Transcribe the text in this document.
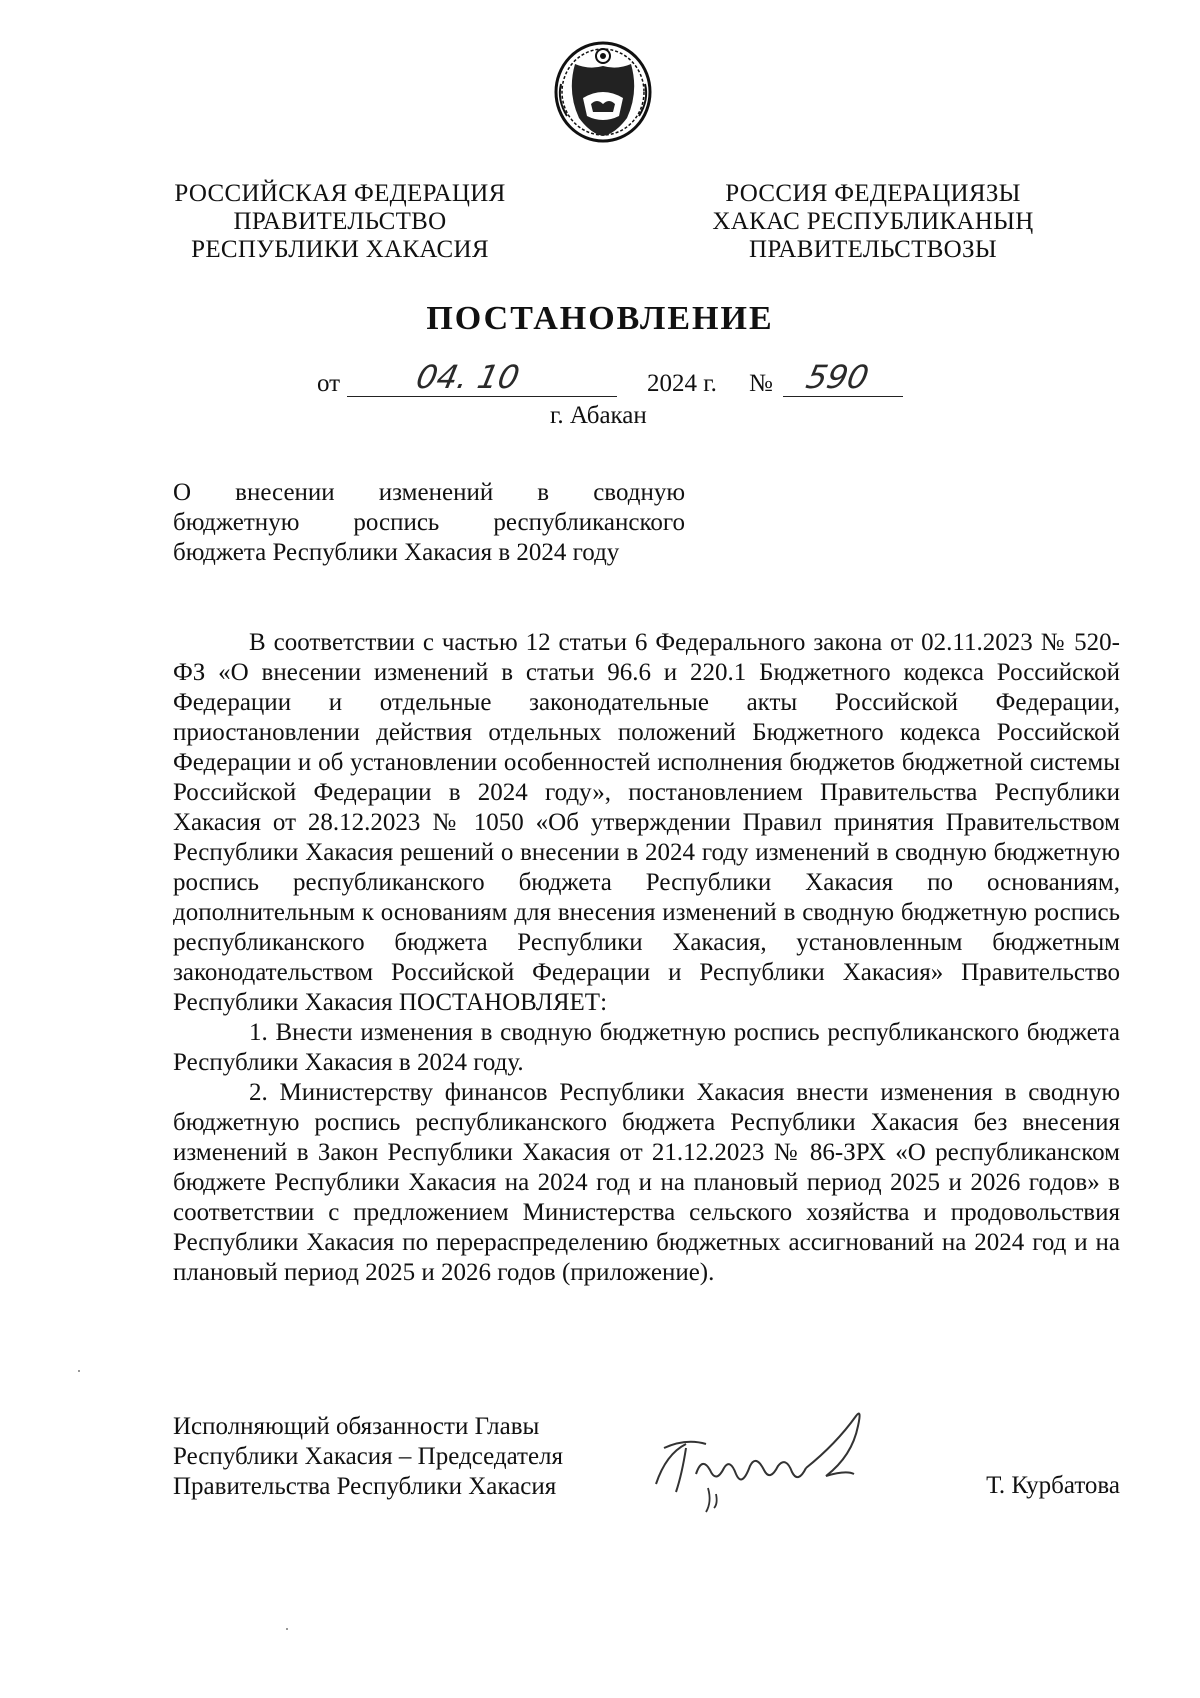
РОССИЙСКАЯ ФЕДЕРАЦИЯ
ПРАВИТЕЛЬСТВО
РЕСПУБЛИКИ ХАКАСИЯ
РОССИЯ ФЕДЕРАЦИЯЗЫ
ХАКАС РЕСПУБЛИКАНЫҢ
ПРАВИТЕЛЬСТВОЗЫ
ПОСТАНОВЛЕНИЕ
от 04. 10	2024 г. № 590
г. Абакан

О внесении изменений в сводную

бюджетную роспись республиканского

бюджета Республики Хакасия в 2024 году

В соответствии с частью 12 статьи 6 Федерального закона от 02.11.2023 № 520-ФЗ «О внесении изменений в статьи 96.6 и 220.1 Бюджетного кодекса Российской Федерации и отдельные законодательные акты Российской Федерации, приостановлении действия отдельных положений Бюджетного кодекса Российской Федерации и об установлении особенностей исполнения бюджетов бюджетной системы Российской Федерации в 2024 году», постановлением Правительства Республики Хакасия от 28.12.2023 № 1050 «Об утверждении Правил принятия Правительством Республики Хакасия решений о внесении в 2024 году изменений в сводную бюджетную роспись республиканского бюджета Республики Хакасия по основаниям, дополнительным к основаниям для внесения изменений в сводную бюджетную роспись республиканского бюджета Республики Хакасия, установленным бюджетным законодательством Российской Федерации и Республики Хакасия» Правительство Республики Хакасия ПОСТАНОВЛЯЕТ:

1. Внести изменения в сводную бюджетную роспись республиканского бюджета Республики Хакасия в 2024 году.

2. Министерству финансов Республики Хакасия внести изменения в сводную бюджетную роспись республиканского бюджета Республики Хакасия без внесения изменений в Закон Республики Хакасия от 21.12.2023 № 86-ЗРХ «О республиканском бюджете Республики Хакасия на 2024 год и на плановый период 2025 и 2026 годов» в соответствии с предложением Министерства сельского хозяйства и продовольствия Республики Хакасия по перераспределению бюджетных ассигнований на 2024 год и на плановый период 2025 и 2026 годов (приложение).

Исполняющий обязанности Главы
Республики Хакасия – Председателя
Правительства Республики Хакасия	Т. Курбатова
